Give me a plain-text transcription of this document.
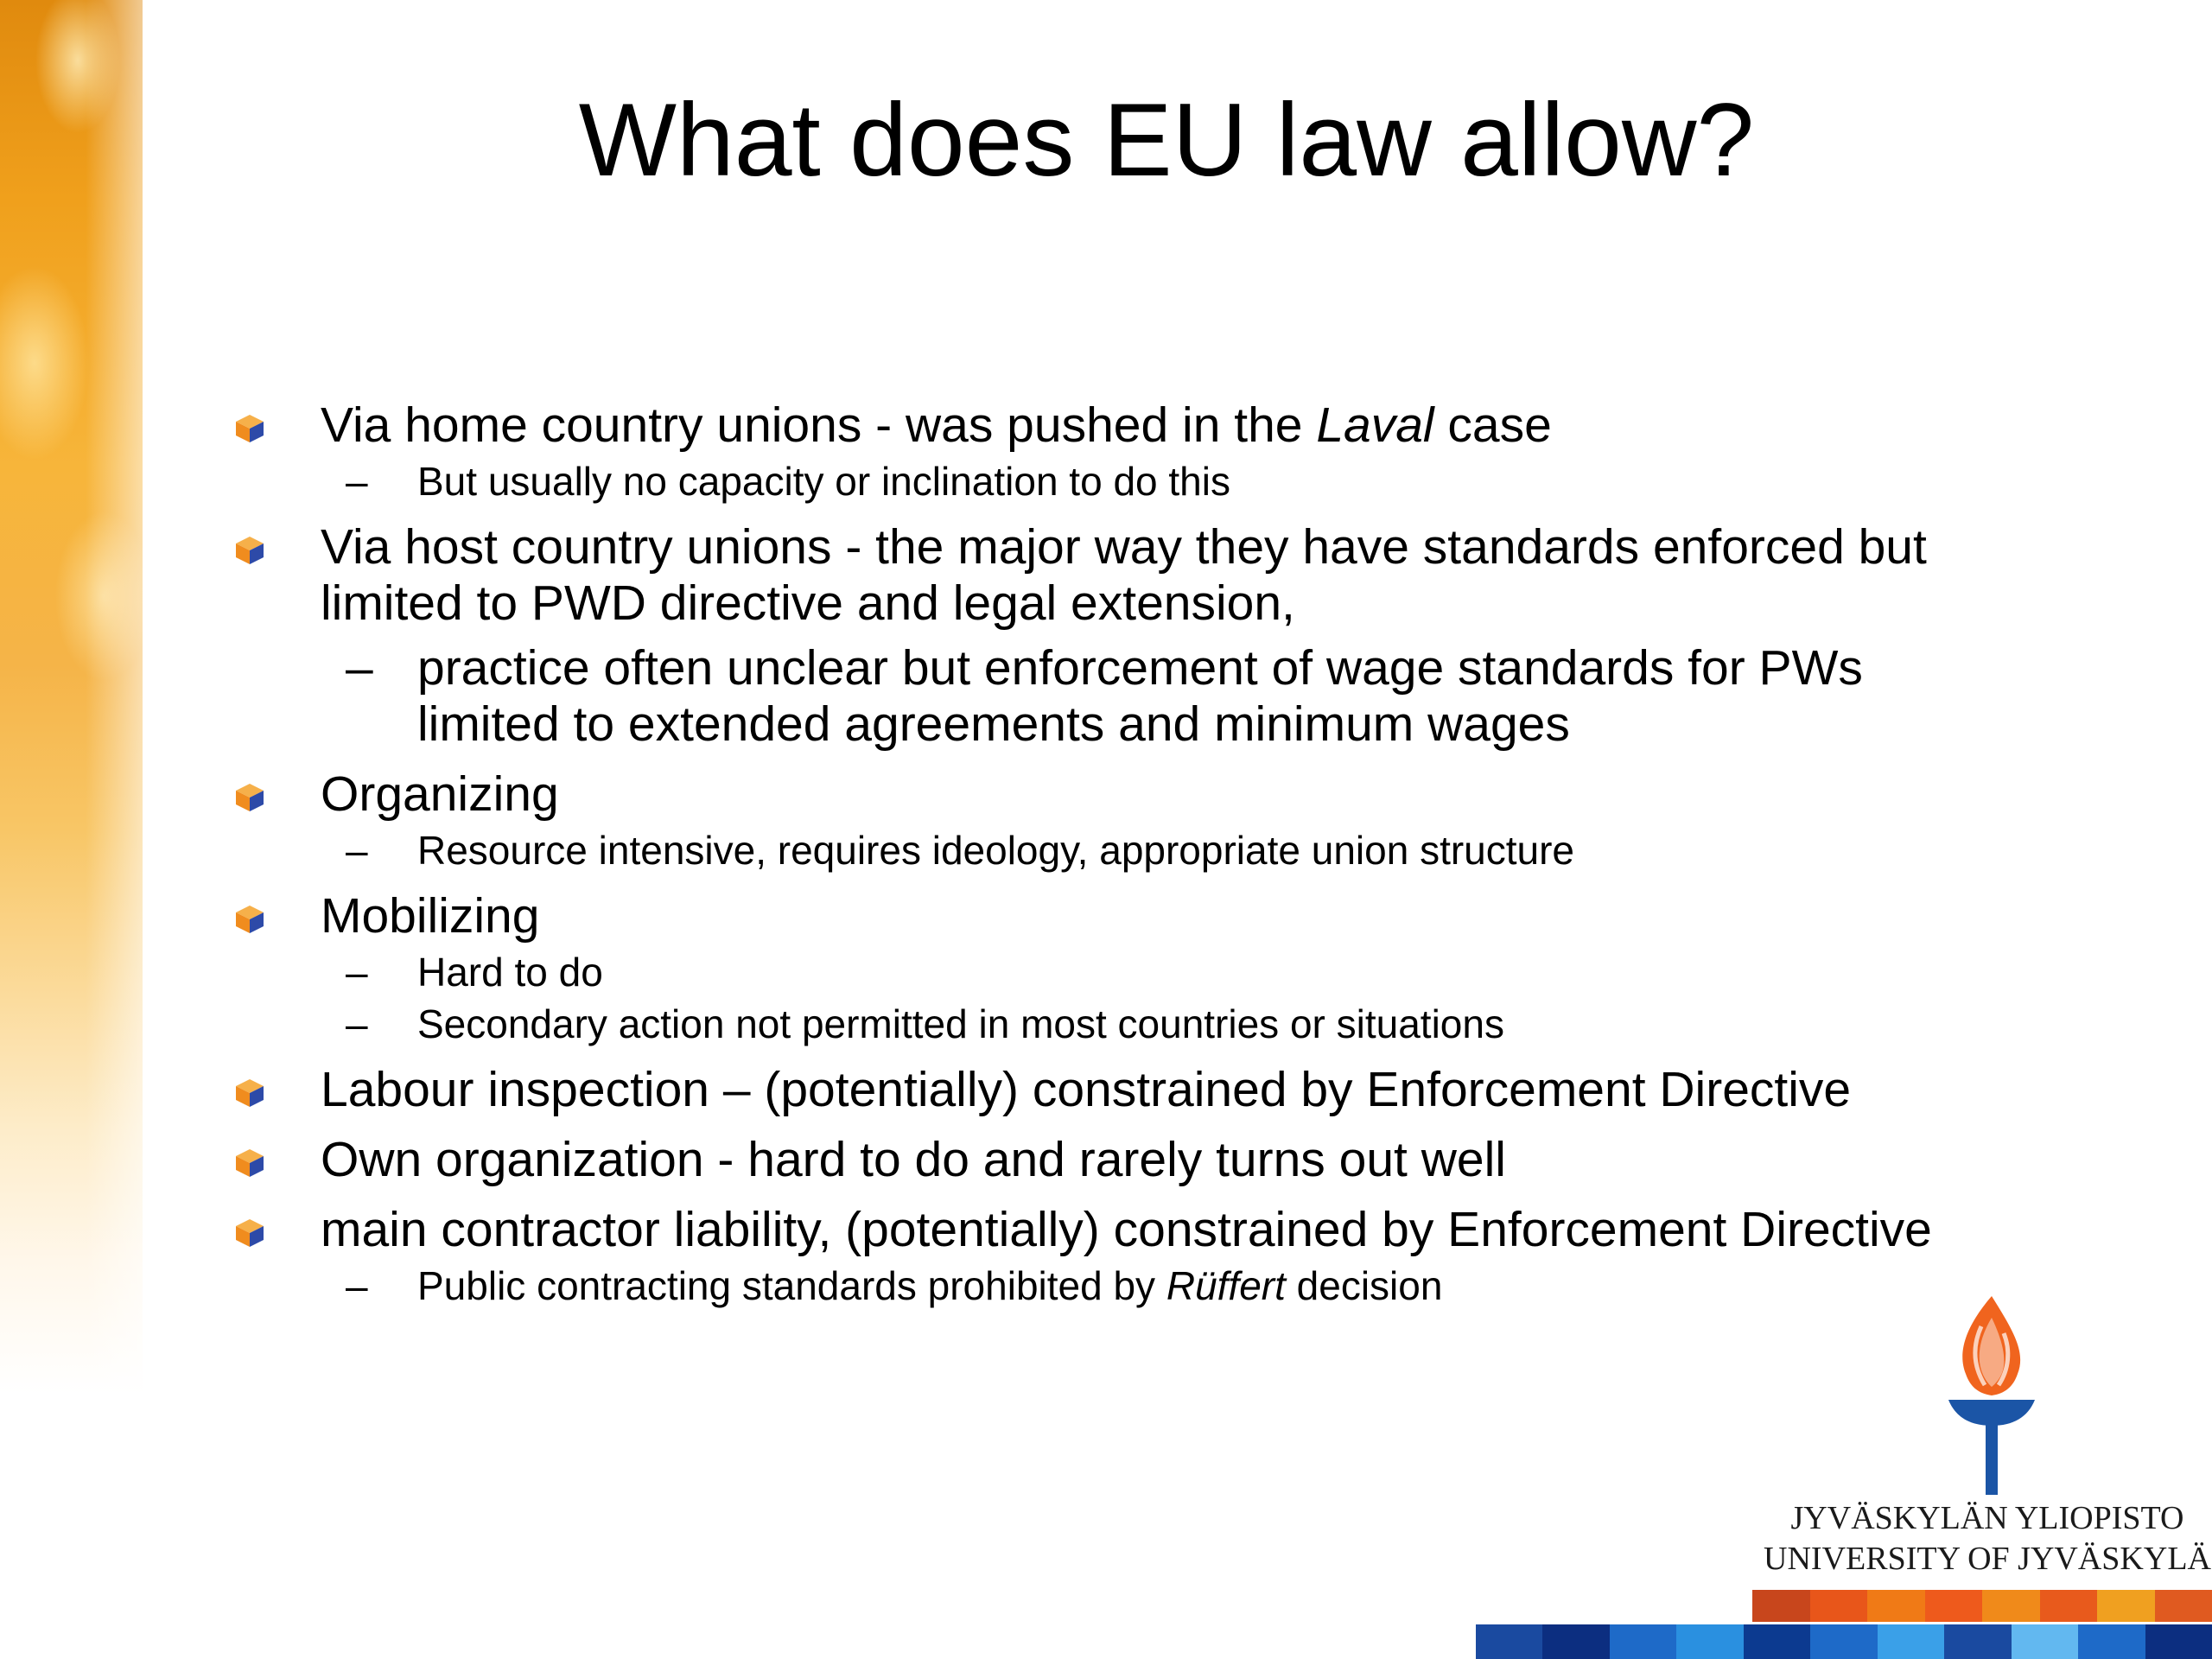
What does EU law allow?
Via home country unions - was pushed in the Laval case
– But usually no capacity or inclination to do this
Via host country unions - the major way they have standards enforced but
limited to PWD directive and legal extension,
– practice often unclear but enforcement of wage standards for PWs
limited to extended agreements and minimum wages
Organizing
– Resource intensive, requires ideology, appropriate union structure
Mobilizing
– Hard to do
– Secondary action not permitted in most countries or situations
Labour inspection – (potentially) constrained by Enforcement Directive
Own organization - hard to do and rarely turns out well
main contractor liability, (potentially) constrained by Enforcement Directive
– Public contracting standards prohibited by Rüffert decision
JYVÄSKYLÄN YLIOPISTO
UNIVERSITY OF JYVÄSKYLÄ
